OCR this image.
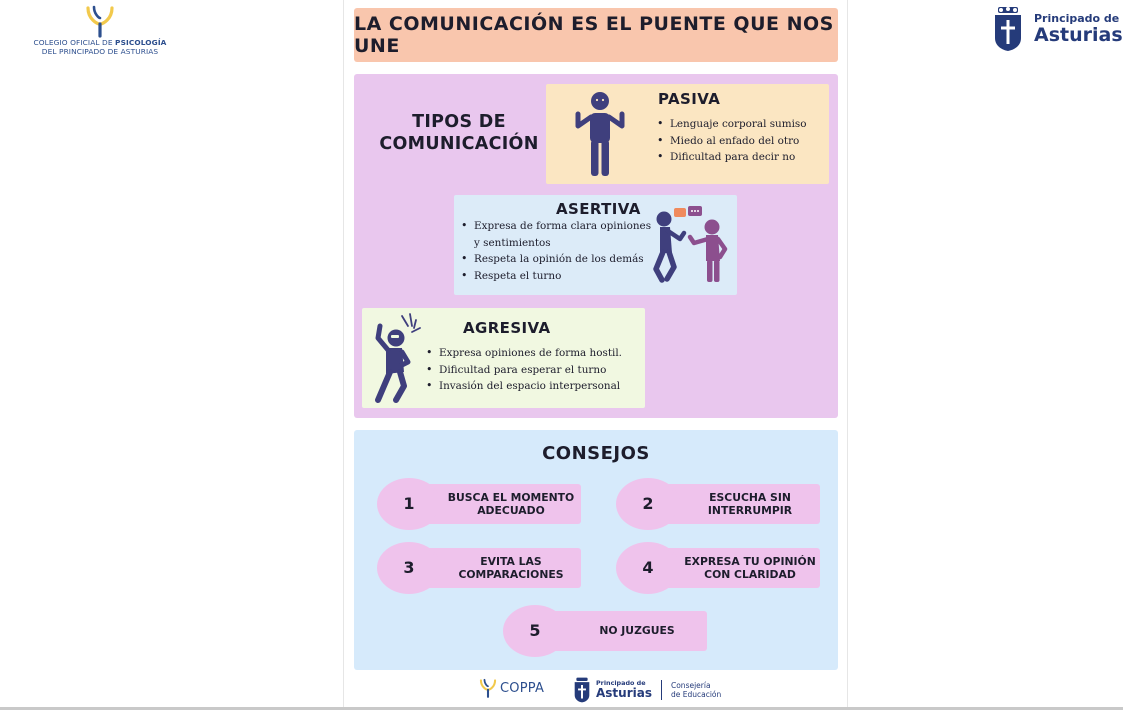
COLEGIO OFICIAL DE PSICOLOGÍA
DEL PRINCIPADO DE ASTURIAS
Principado de
Asturias
LA COMUNICACIÓN ES EL PUENTE QUE NOS UNE
TIPOS DE
COMUNICACIÓN
PASIVA
• Lenguaje corporal sumiso
• Miedo al enfado del otro
• Dificultad para decir no
ASERTIVA
• Expresa de forma clara opiniones
y sentimientos
• Respeta la opinión de los demás
• Respeta el turno
AGRESIVA
• Expresa opiniones de forma hostil.
• Dificultad para esperar el turno
• Invasión del espacio interpersonal
CONSEJOS
1	BUSCA EL MOMENTO
ADECUADO	2	ESCUCHA SIN
INTERRUMPIR
3	EVITA LAS
COMPARACIONES	4	EXPRESA TU OPINIÓN
CON CLARIDAD
5	NO JUZGUES
COPPA	Principado de
Asturias
Consejería
de Educación
